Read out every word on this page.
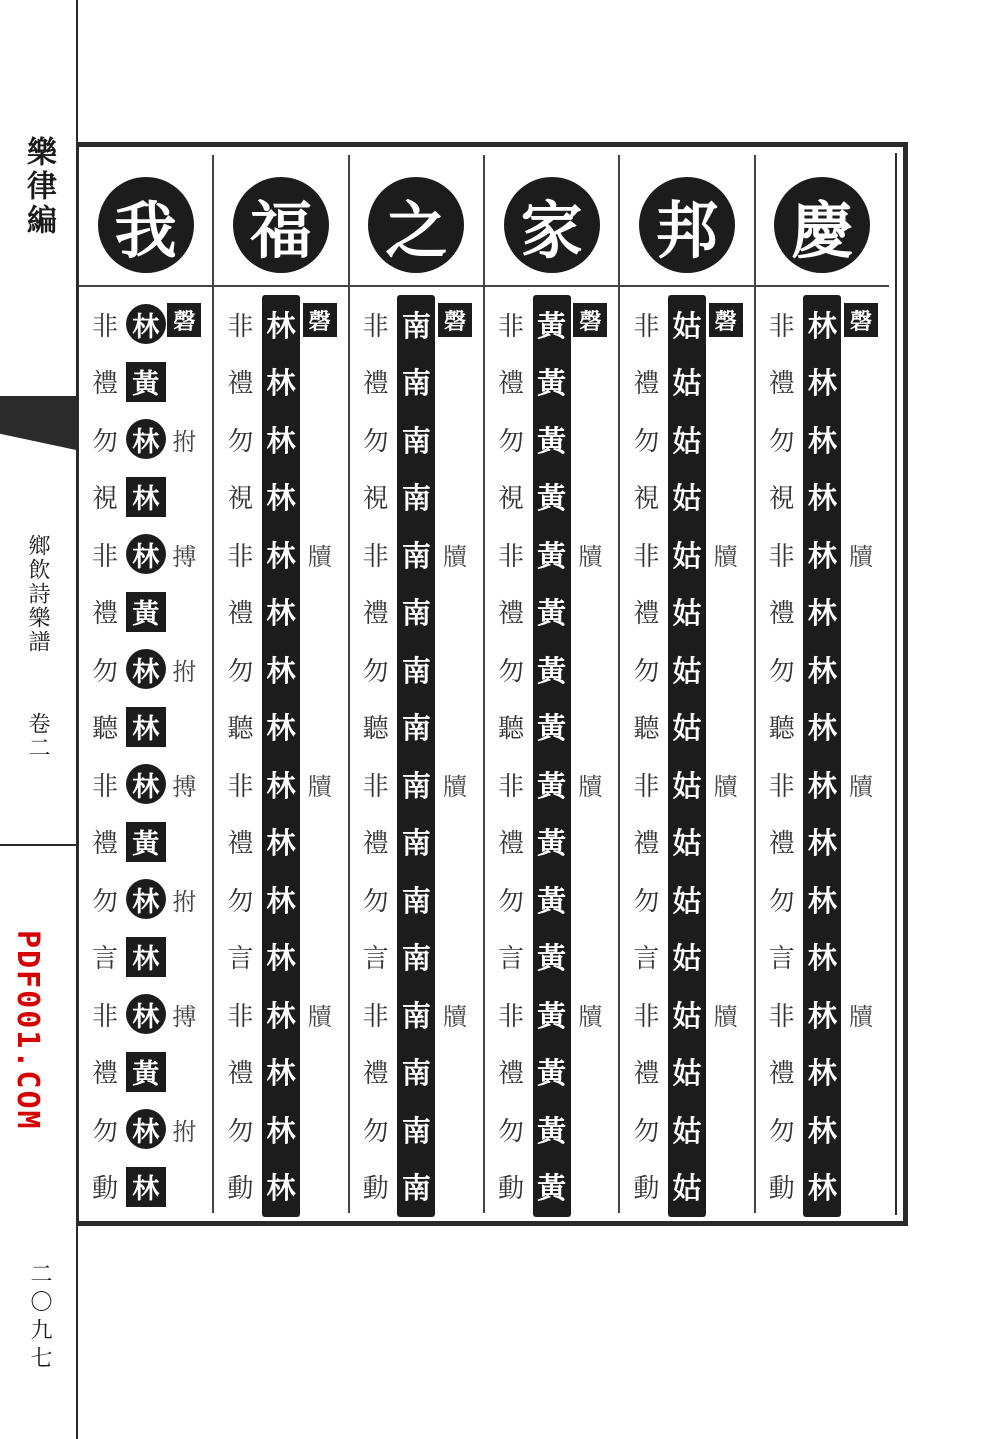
樂律編
鄉飲詩樂譜
卷二
PDF001.COM
二〇九七
慶
磬
牘
牘
牘
林
林
林
林
林
林
林
林
林
林
林
林
林
林
林
林
非
禮
勿
視
非
禮
勿
聽
非
禮
勿
言
非
禮
勿
動
邦
磬
牘
牘
牘
姑
姑
姑
姑
姑
姑
姑
姑
姑
姑
姑
姑
姑
姑
姑
姑
非
禮
勿
視
非
禮
勿
聽
非
禮
勿
言
非
禮
勿
動
家
磬
牘
牘
牘
黃
黃
黃
黃
黃
黃
黃
黃
黃
黃
黃
黃
黃
黃
黃
黃
非
禮
勿
視
非
禮
勿
聽
非
禮
勿
言
非
禮
勿
動
之
磬
牘
牘
牘
南
南
南
南
南
南
南
南
南
南
南
南
南
南
南
南
非
禮
勿
視
非
禮
勿
聽
非
禮
勿
言
非
禮
勿
動
福
磬
牘
牘
牘
林
林
林
林
林
林
林
林
林
林
林
林
林
林
林
林
非
禮
勿
視
非
禮
勿
聽
非
禮
勿
言
非
禮
勿
動
我
磬
拊
搏
拊
搏
拊
搏
拊
林
黃
林
林
林
黃
林
林
林
黃
林
林
林
黃
林
林
非
禮
勿
視
非
禮
勿
聽
非
禮
勿
言
非
禮
勿
動
